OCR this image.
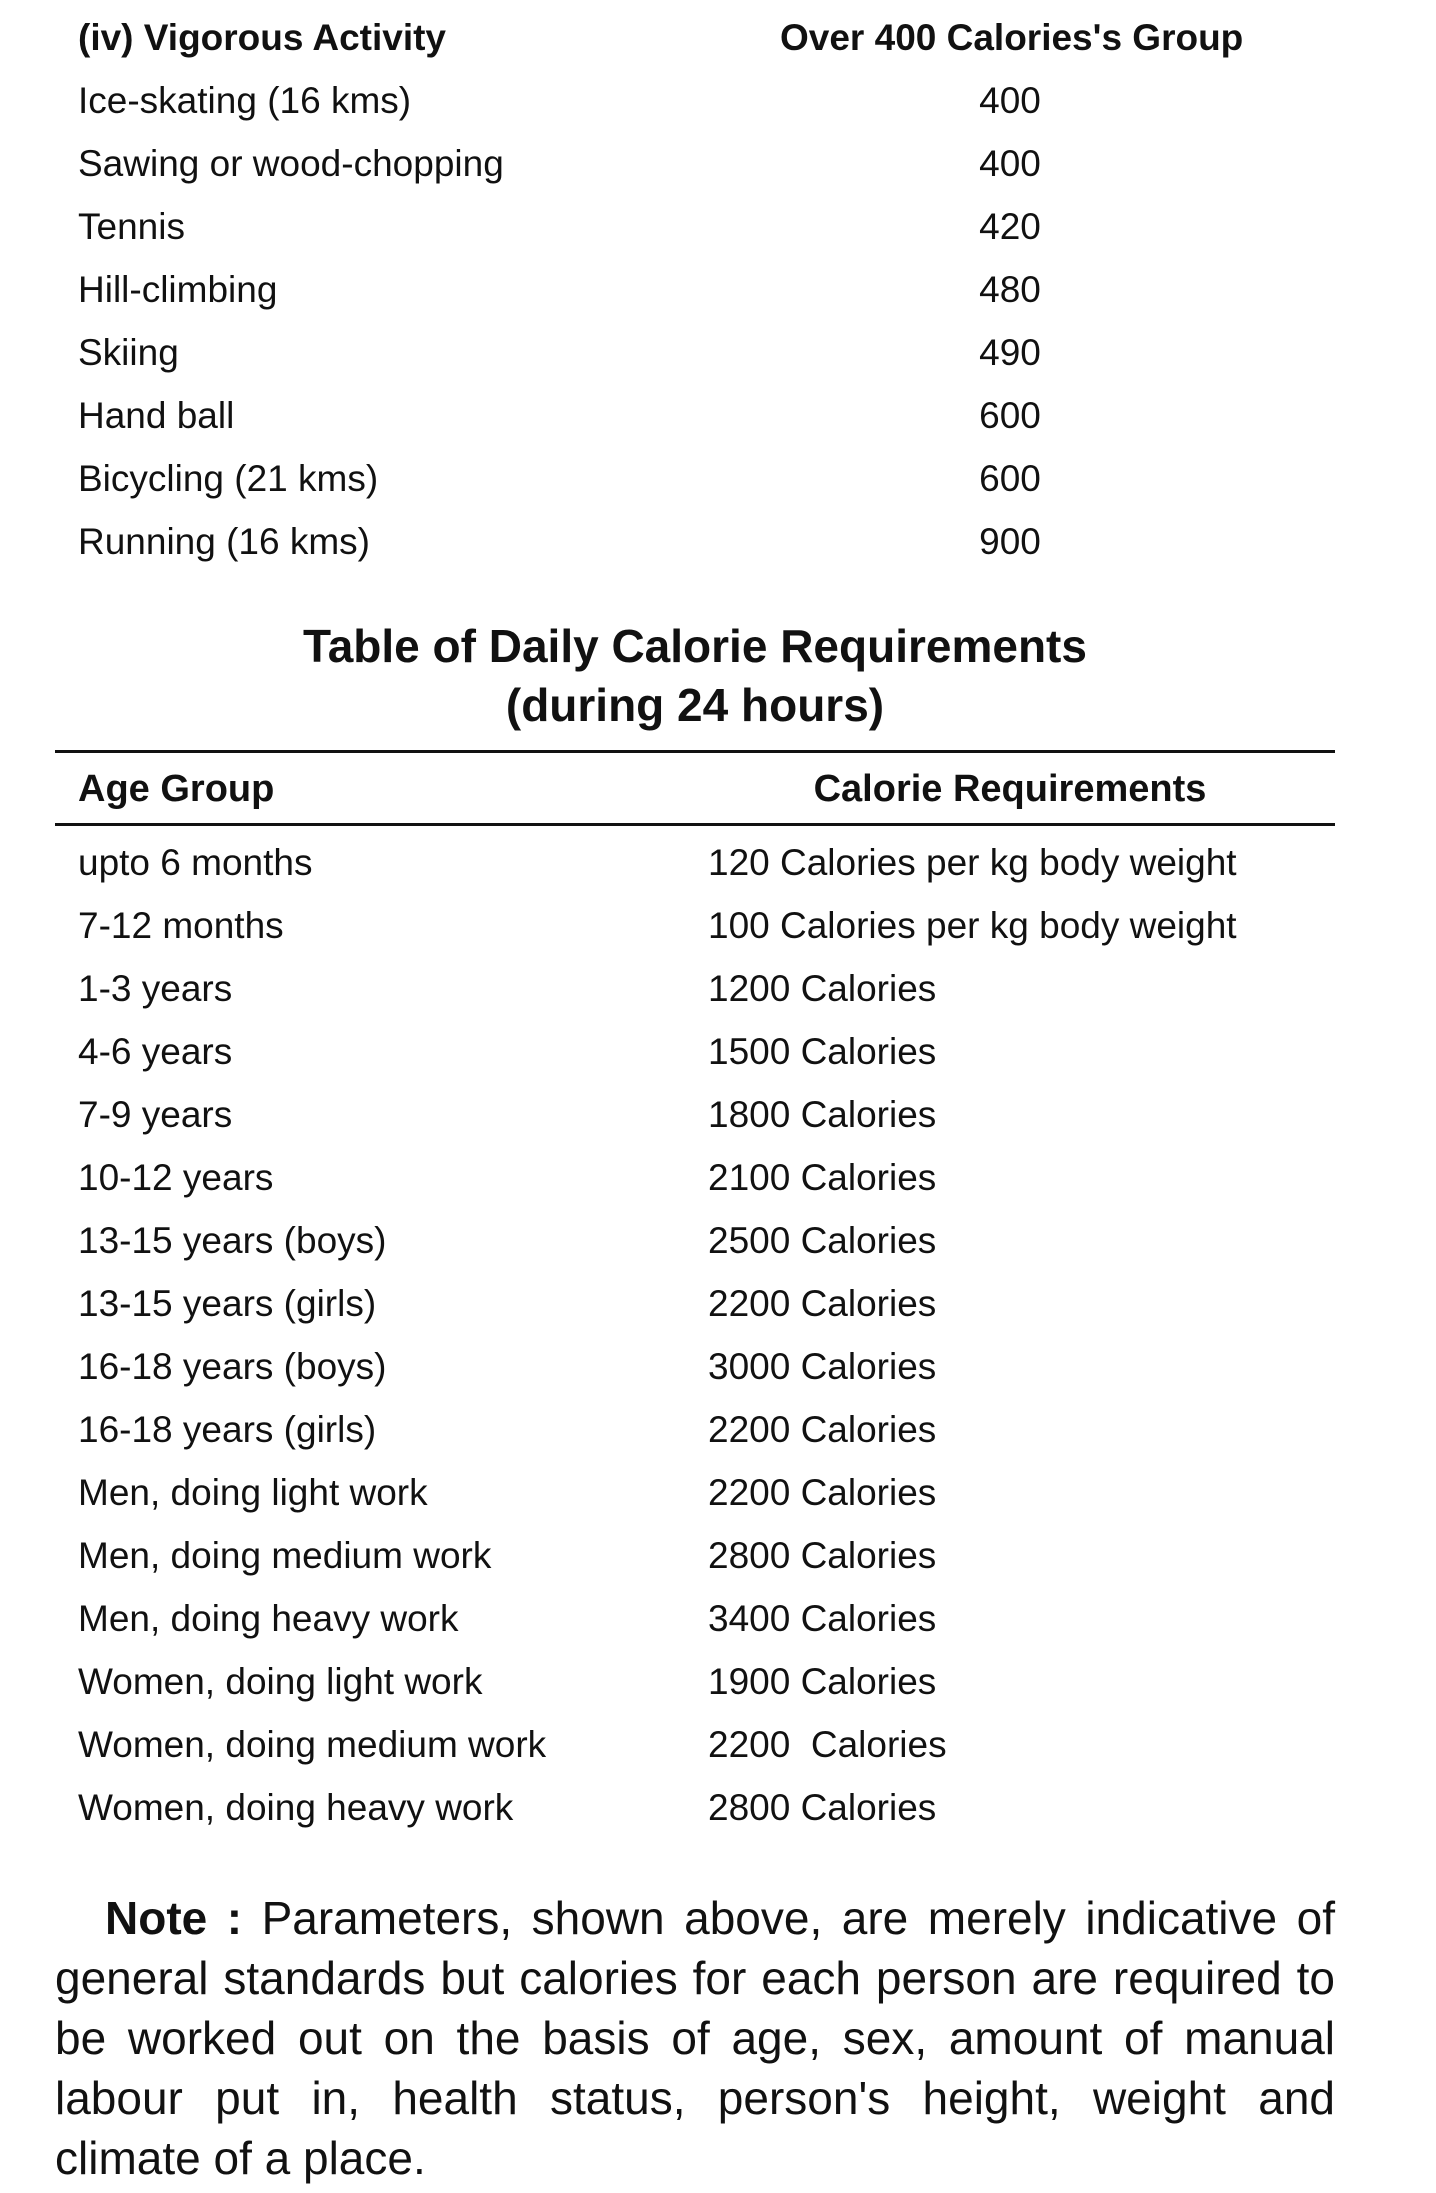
(iv) Vigorous Activity	Over 400 Calories's Group
Ice-skating (16 kms)	400
Sawing or wood-chopping	400
Tennis	420
Hill-climbing	480
Skiing	490
Hand ball	600
Bicycling (21 kms)	600
Running (16 kms)	900
Table of Daily Calorie Requirements
(during 24 hours)
Age Group	Calorie Requirements
upto 6 months	120 Calories per kg body weight
7-12 months	100 Calories per kg body weight
1-3 years	1200 Calories
4-6 years	1500 Calories
7-9 years	1800 Calories
10-12 years	2100 Calories
13-15 years (boys)	2500 Calories
13-15 years (girls)	2200 Calories
16-18 years (boys)	3000 Calories
16-18 years (girls)	2200 Calories
Men, doing light work	2200 Calories
Men, doing medium work	2800 Calories
Men, doing heavy work	3400 Calories
Women, doing light work	1900 Calories
Women, doing medium work	2200  Calories
Women, doing heavy work	2800 Calories
Note : Parameters, shown above, are merely indicative of general standards but calories for each person are required to be worked out on the basis of age, sex, amount of manual labour put in, health status, person's height, weight and climate of a place.
